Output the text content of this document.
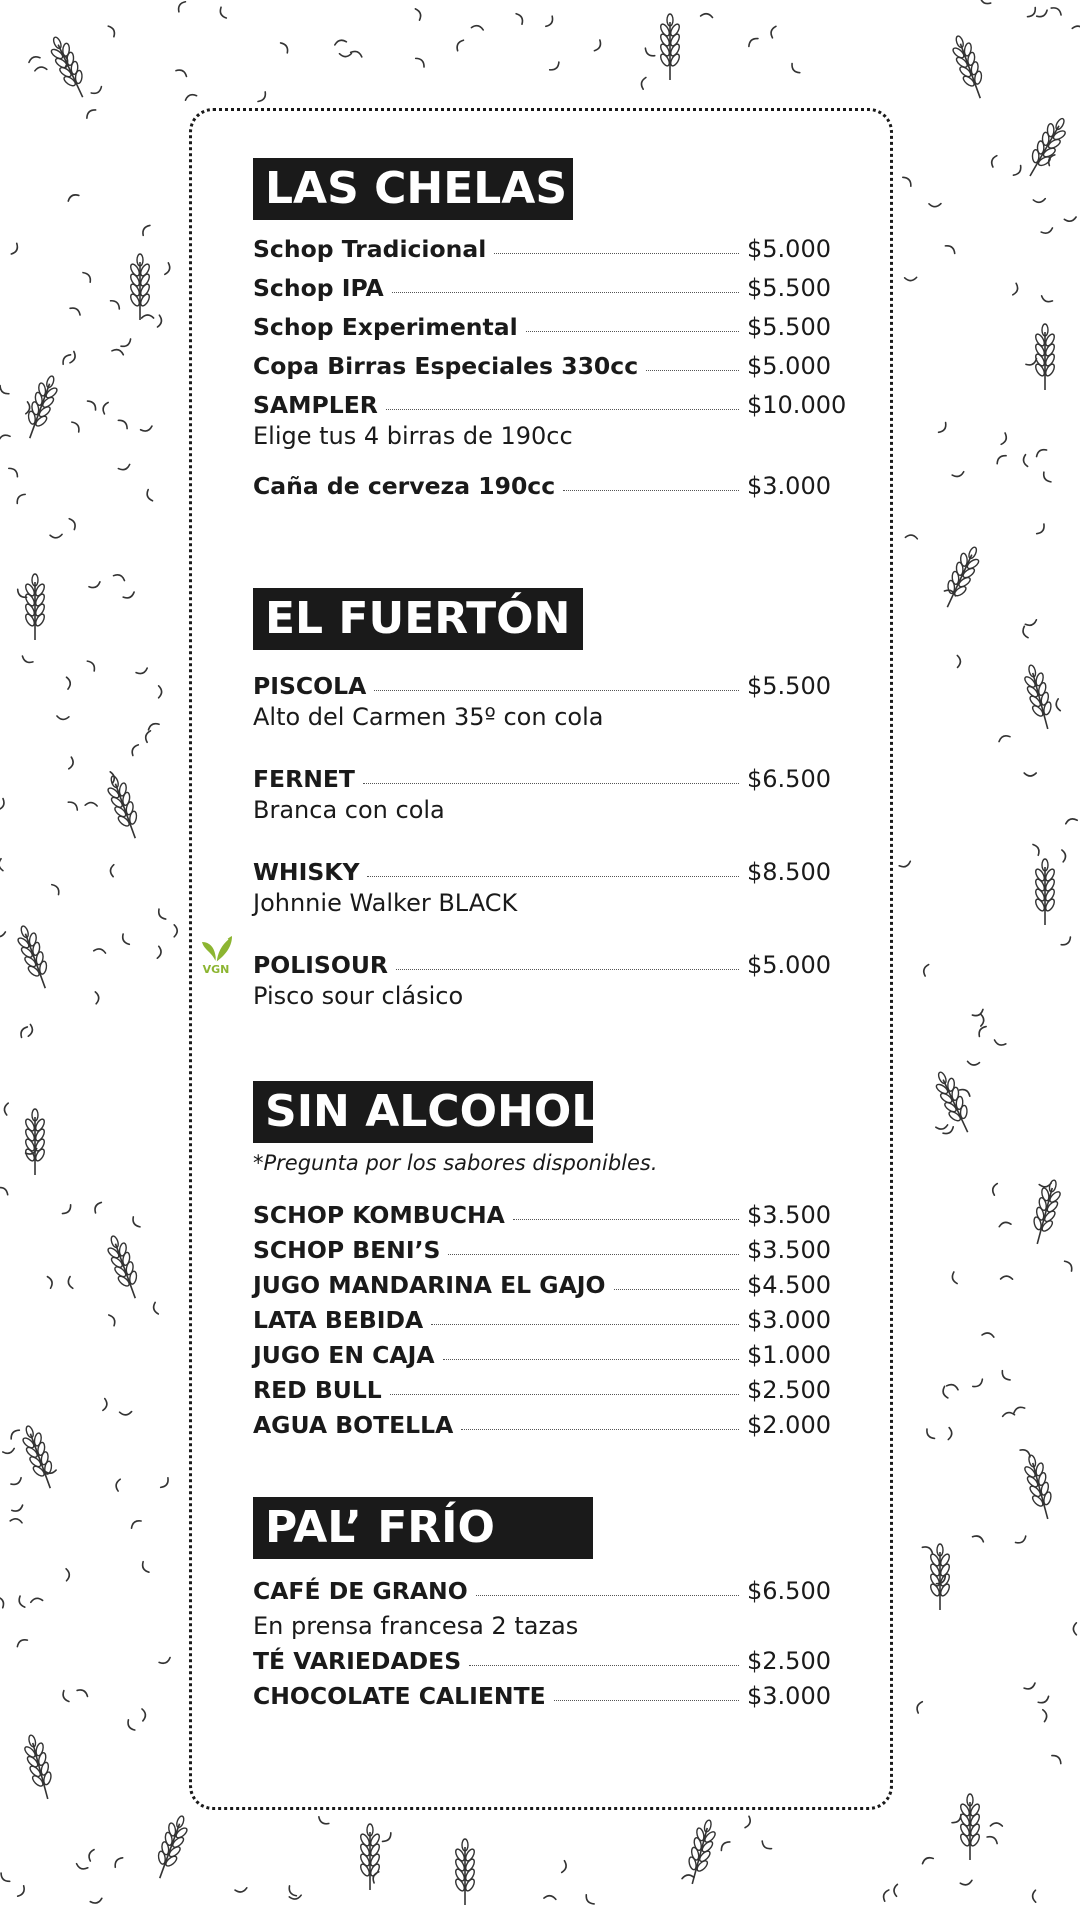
LAS CHELAS
Schop Tradicional	$5.000
Schop IPA	$5.500
Schop Experimental	$5.500
Copa Birras Especiales 330cc	$5.000
SAMPLER	$10.000
Elige tus 4 birras de 190cc
Caña de cerveza 190cc	$3.000
EL FUERTÓN
PISCOLA	$5.500
Alto del Carmen 35º con cola
FERNET	$6.500
Branca con cola
WHISKY	$8.500
Johnnie Walker BLACK
POLISOUR	$5.000
Pisco sour clásico
VGN
SIN ALCOHOL
*Pregunta por los sabores disponibles.
SCHOP KOMBUCHA	$3.500
SCHOP BENI’S	$3.500
JUGO MANDARINA EL GAJO	$4.500
LATA BEBIDA	$3.000
JUGO EN CAJA	$1.000
RED BULL	$2.500
AGUA BOTELLA	$2.000
PAL’ FRÍO
CAFÉ DE GRANO	$6.500
En prensa francesa 2 tazas
TÉ VARIEDADES	$2.500
CHOCOLATE CALIENTE	$3.000
